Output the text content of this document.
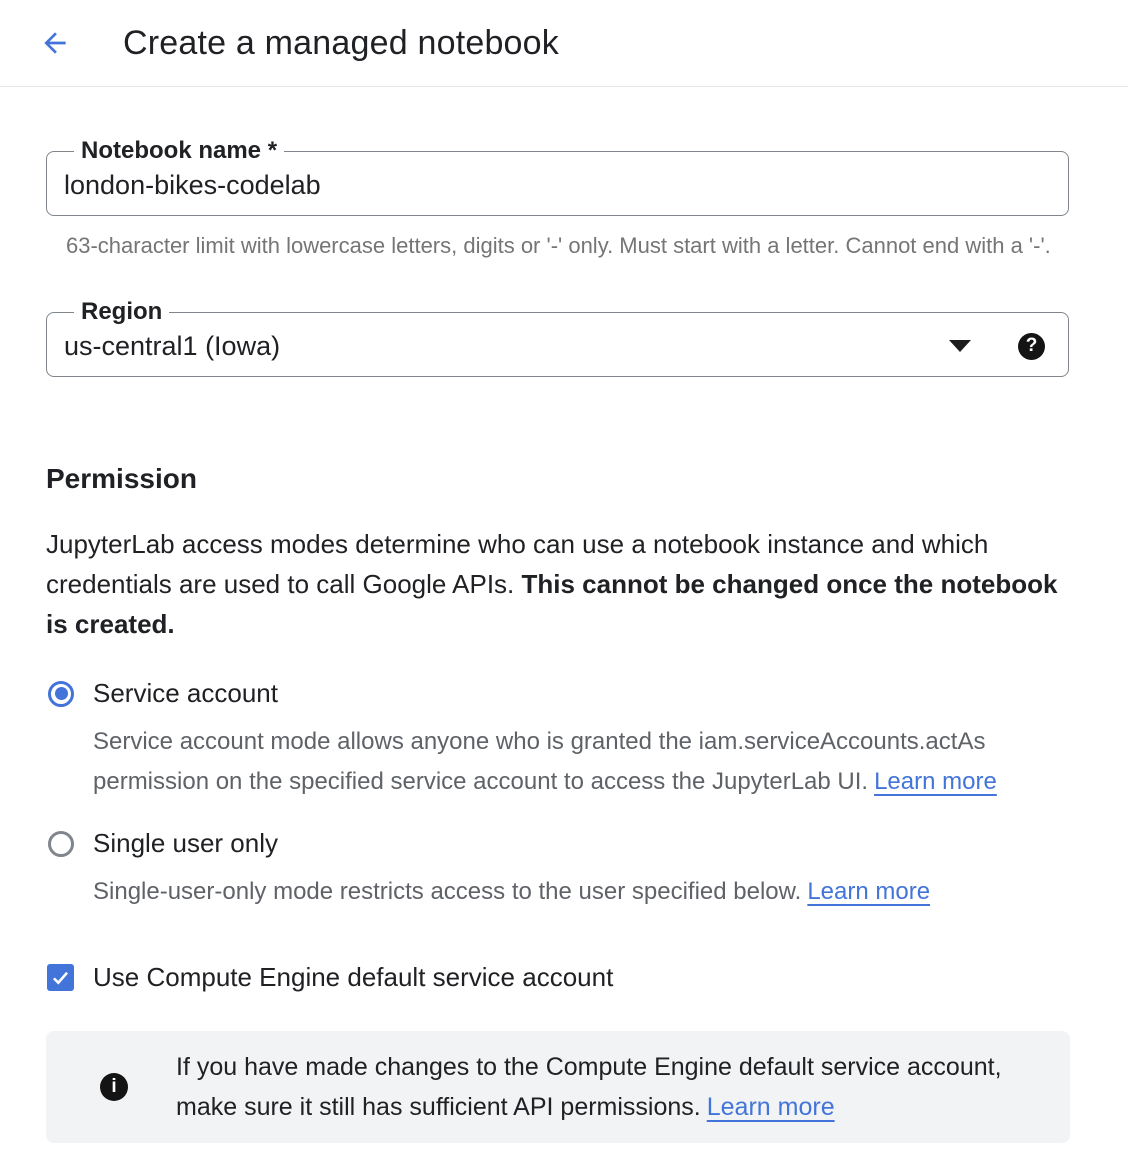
Create a managed notebook
Notebook name *
london-bikes-codelab

63-character limit with lowercase letters, digits or '-' only. Must start with a letter. Cannot end with a '-'.

Region
us-central1 (Iowa)	?
Permission

JupyterLab access modes determine who can use a notebook instance and which credentials are used to call Google APIs. This cannot be changed once the notebook is created.

Service account

Service account mode allows anyone who is granted the iam.serviceAccounts.actAs permission on the specified service account to access the JupyterLab UI. Learn more

Single user only

Single-user-only mode restricts access to the user specified below. Learn more

Use Compute Engine default service account
i

If you have made changes to the Compute Engine default service account, make sure it still has sufficient API permissions. Learn more
